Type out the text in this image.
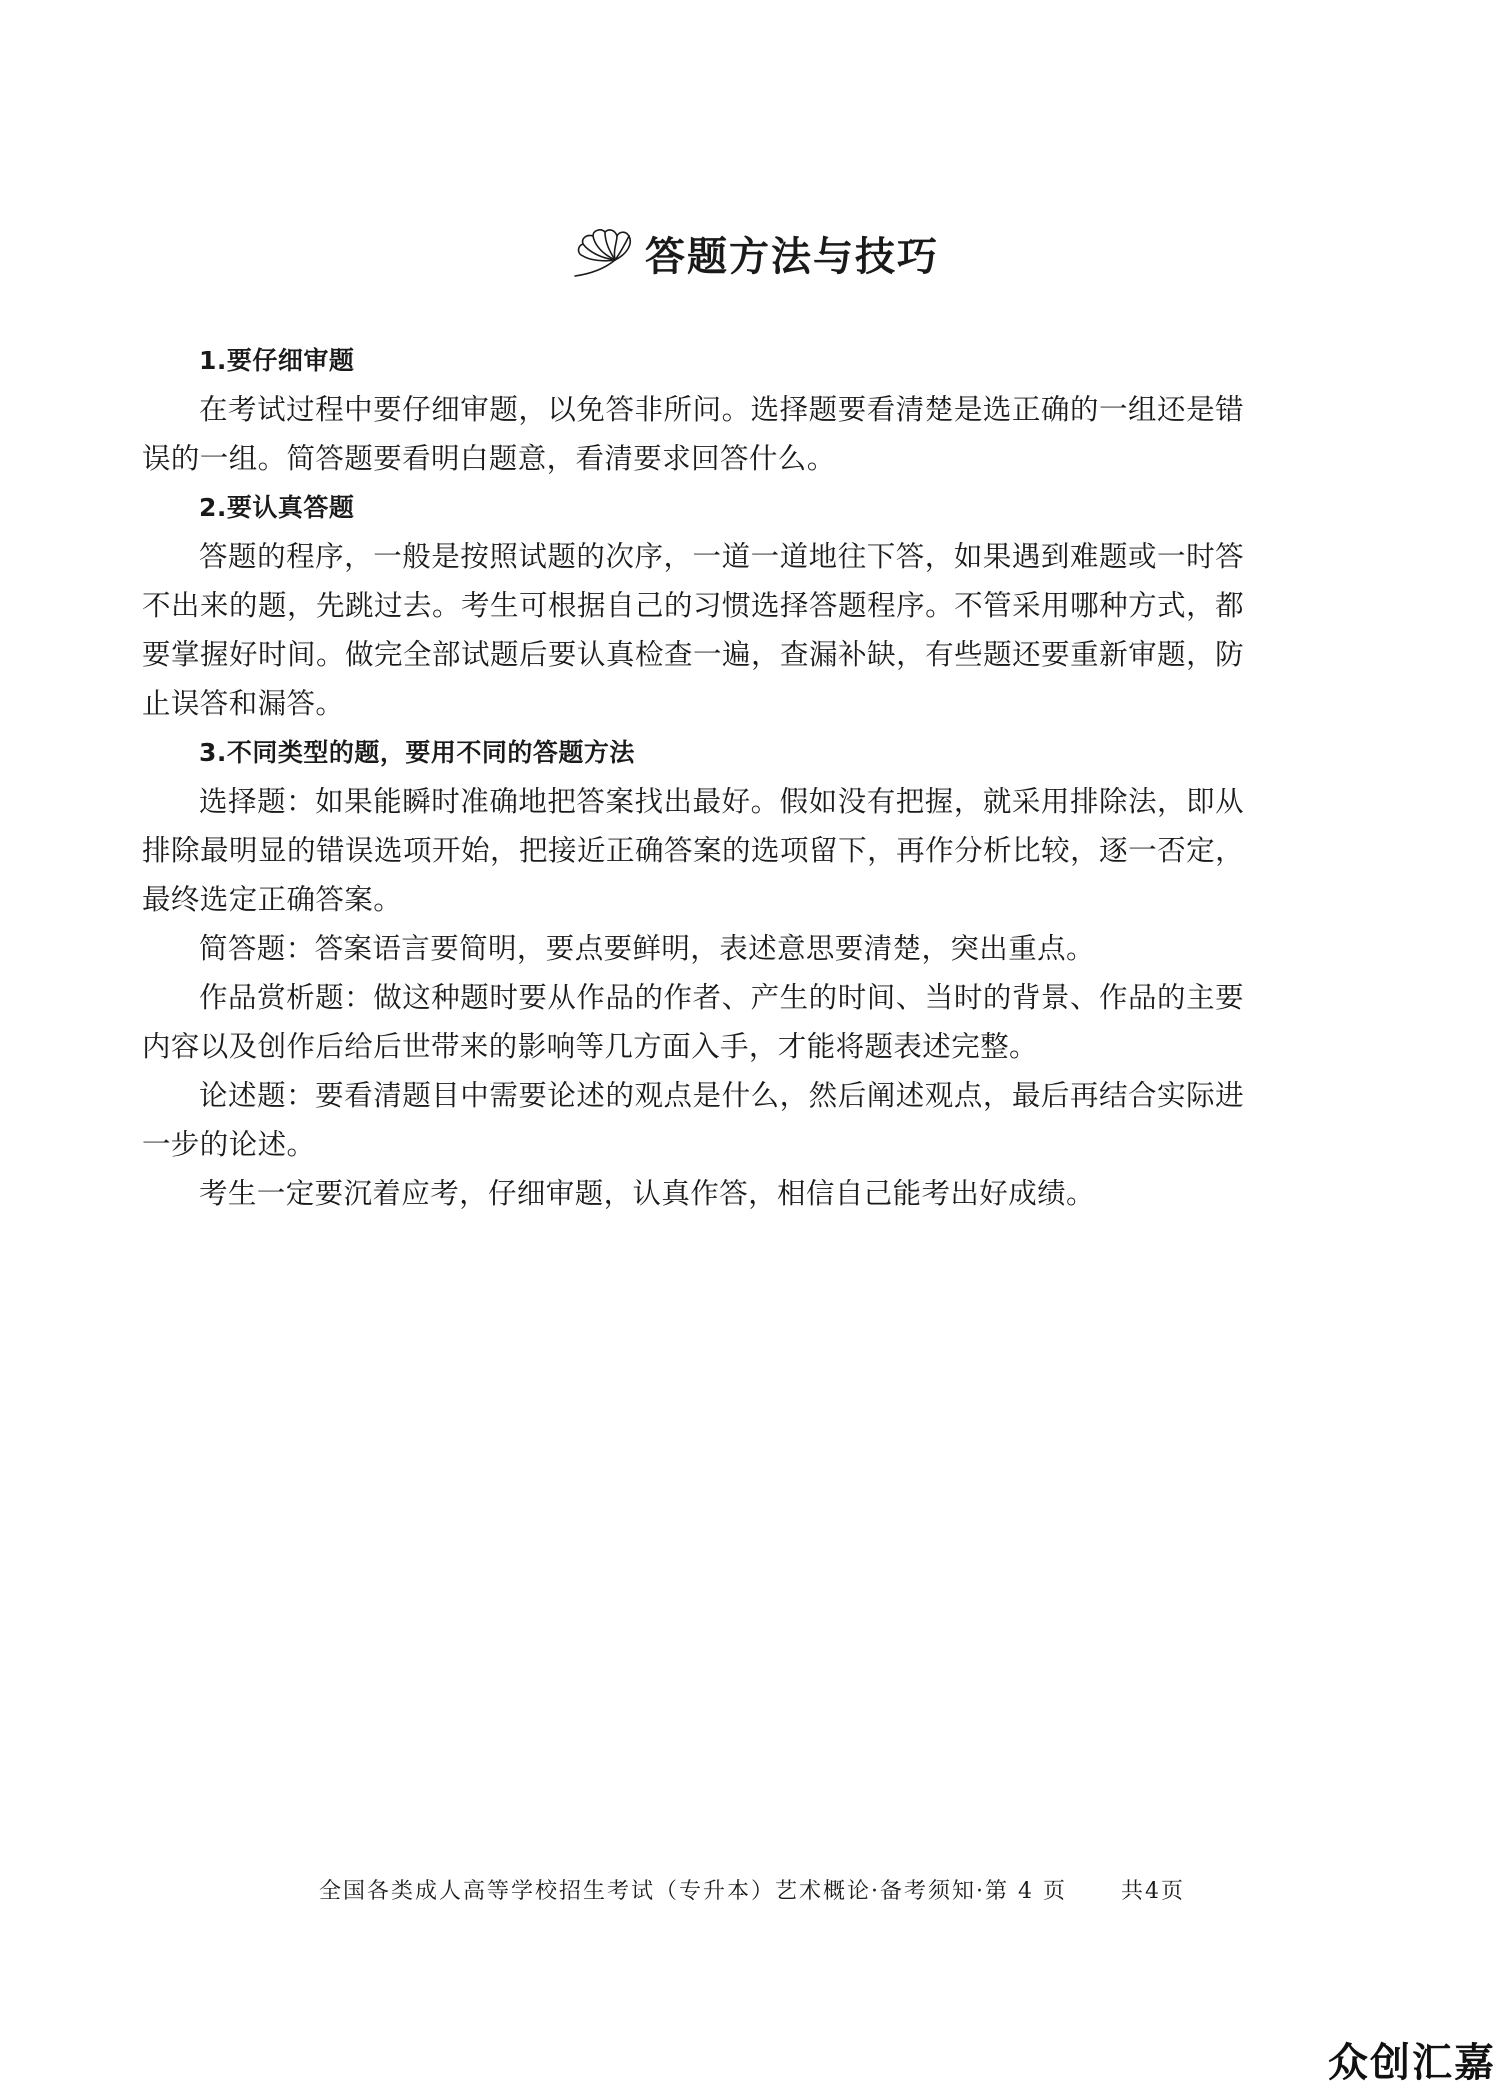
答题方法与技巧

1.要仔细审题

在考试过程中要仔细审题，以免答非所问。选择题要看清楚是选正确的一组还是错误的一组。简答题要看明白题意，看清要求回答什么。

2.要认真答题

答题的程序，一般是按照试题的次序，一道一道地往下答，如果遇到难题或一时答不出来的题，先跳过去。考生可根据自己的习惯选择答题程序。不管采用哪种方式，都要掌握好时间。做完全部试题后要认真检查一遍，查漏补缺，有些题还要重新审题，防止误答和漏答。

3.不同类型的题，要用不同的答题方法

选择题：如果能瞬时准确地把答案找出最好。假如没有把握，就采用排除法，即从排除最明显的错误选项开始，把接近正确答案的选项留下，再作分析比较，逐一否定，最终选定正确答案。

简答题：答案语言要简明，要点要鲜明，表述意思要清楚，突出重点。

作品赏析题：做这种题时要从作品的作者、产生的时间、当时的背景、作品的主要内容以及创作后给后世带来的影响等几方面入手，才能将题表述完整。

论述题：要看清题目中需要论述的观点是什么，然后阐述观点，最后再结合实际进一步的论述。

考生一定要沉着应考，仔细审题，认真作答，相信自己能考出好成绩。

全国各类成人高等学校招生考试（专升本）艺术概论·备考须知·第 4 页 共4页
众创汇嘉
